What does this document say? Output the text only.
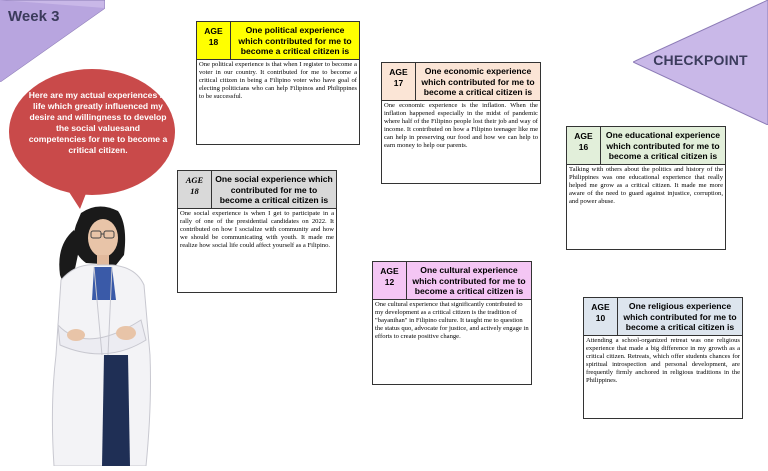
Week 3
CHECKPOINT
Here are my actual experiences in life which greatly influenced my desire and willingness to develop the social valuesand competencies for me to become a critical citizen.
AGE
18
One political experience which contributed for me to become a critical citizen is
One political experience is that when I register to become a voter in our country. It contributed for me to become a critical citizen in being a Filipino voter who have goal of electing politicians who can help Filipinos and Philippines to be successful.
AGE
17
One economic experience which contributed for me to become a critical citizen is
One economic experience is the inflation. When the inflation happened especially in the midst of pandemic where half of the Filipino people lost their job and way of income. It contributed on how a Filipino teenager like me can help in preserving our food and how we can help to earn money to help our parents.
AGE
16
One educational experience which contributed for me to become a critical citizen is
Talking with others about the politics and history of the Philippines was one educational experience that really helped me grow as a critical citizen. It made me more aware of the need to guard against injustice, corruption, and power abuse.
AGE
18
One social experience which contributed for me to become a critical citizen is
One social experience is when I get to participate in a rally of one of the presidential candidates on 2022. It contributed on how I socialize with community and how we should be communicating with youth. It made me realize how social life could affect yourself as a Filipino.
AGE
12
One cultural experience which contributed for me to become a critical citizen is
One cultural experience that significantly contributed to my development as a critical citizen is the tradition of "bayanihan" in Filipino culture. It taught me to question the status quo, advocate for justice, and actively engage in efforts to create positive change.
AGE
10
One religious experience which contributed for me to become a critical citizen is
Attending a school-organized retreat was one religious experience that made a big difference in my growth as a critical citizen. Retreats, which offer students chances for spiritual introspection and personal development, are frequently firmly anchored in religious traditions in the Philippines.
